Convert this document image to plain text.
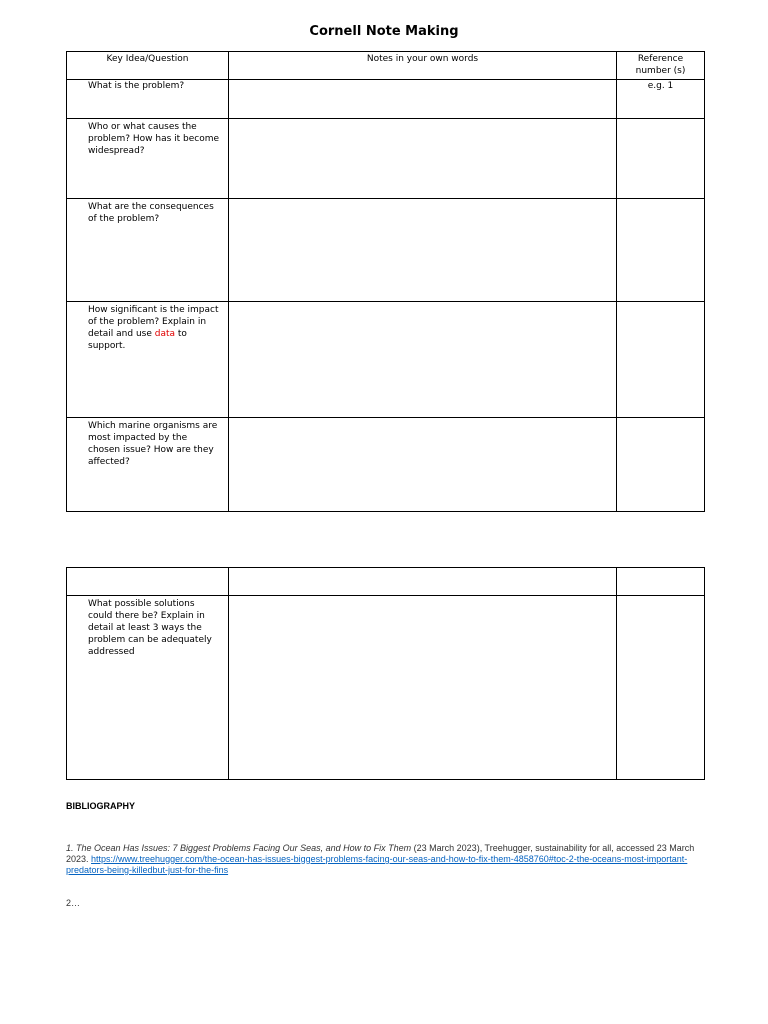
Cornell Note Making
Key Idea/Question	Notes in your own words	Reference
number (s)
What is the problem?		e.g. 1
Who or what causes the problem? How has it become widespread?		
What are the consequences of the problem?		
How significant is the impact of the problem? Explain in detail and use data to support.		
Which marine organisms are most impacted by the chosen issue? How are they affected?		

What possible solutions could there be? Explain in detail at least 3 ways the problem can be adequately addressed		
BIBLIOGRAPHY
1. The Ocean Has Issues: 7 Biggest Problems Facing Our Seas, and How to Fix Them (23 March 2023), Treehugger, sustainability for all, accessed 23 March 2023. https://www.treehugger.com/the-ocean-has-issues-biggest-problems-facing-our-seas-and-how-to-fix-them-4858760#toc-2-the-oceans-most-important-predators-being-killedbut-just-for-the-fins
2…
